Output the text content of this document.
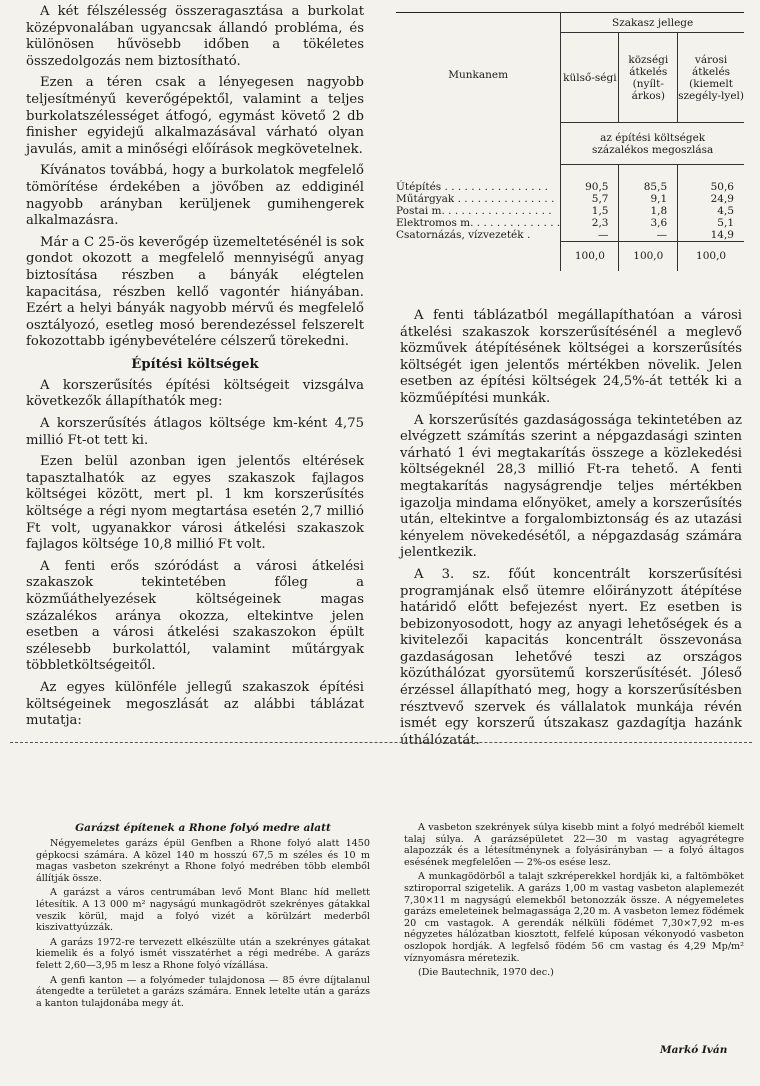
A két félszélesség összeragasztása a burkolat középvonalában ugyancsak állandó probléma, és különösen hűvösebb időben a tökéletes összedolgozás nem biztosítható.

Ezen a téren csak a lényegesen nagyobb teljesítményű keverőgépektől, valamint a teljes burkolatszélességet átfogó, egymást követő 2 db finisher egyidejű alkalmazásával várható olyan javulás, amit a minőségi előírások megkövetelnek.

Kívánatos továbbá, hogy a burkolatok megfelelő tömörítése érdekében a jövőben az eddiginél nagyobb arányban kerüljenek gumihengerek alkalmazásra.

Már a C 25-ös keverőgép üzemeltetésénél is sok gondot okozott a megfelelő mennyiségű anyag biztosítása részben a bányák elégtelen kapacitása, részben kellő vagontér hiányában. Ezért a helyi bányák nagyobb mérvű és megfelelő osztályozó, esetleg mosó berendezéssel felszerelt fokozottabb igénybevételére célszerű törekedni.

Építési költségek

A korszerűsítés építési költségeit vizsgálva következők állapíthatók meg:

A korszerűsítés átlagos költsége km-ként 4,75 millió Ft-ot tett ki.

Ezen belül azonban igen jelentős eltérések tapasztalhatók az egyes szakaszok fajlagos költségei között, mert pl. 1 km korszerűsítés költsége a régi nyom megtartása esetén 2,7 millió Ft volt, ugyanakkor városi átkelési szakaszok fajlagos költsége 10,8 millió Ft volt.

A fenti erős szóródást a városi átkelési szakaszok tekintetében főleg a közműáthelyezések költségeinek magas százalékos aránya okozza, eltekintve jelen esetben a városi átkelési szakaszokon épült szélesebb burkolattól, valamint műtárgyak többletköltségeitől.

Az egyes különféle jellegű szakaszok építési költségeinek megoszlását az alábbi táblázat mutatja:

Munkanem	Szakasz jellege		
	külső-ségi	községi átkelés (nyílt-árkos)	városi átkelés (kiemelt szegély-lyel)
	az építési költségek százalékos megoszlása		

Útépítés . . . . . . . . . . . . . . . .	90,5	85,5	50,6
Műtárgyak . . . . . . . . . . . . . . .	5,7	9,1	24,9
Postai m. . . . . . . . . . . . . . . . .	1,5	1,8	4,5
Elektromos m. . . . . . . . . . . . . .	2,3	3,6	5,1
Csatornázás, vízvezeték .	—	—	14,9
	100,0	100,0	100,0

A fenti táblázatból megállapíthatóan a városi átkelési szakaszok korszerűsítésénél a meglevő közművek átépítésének költségei a korszerűsítés költségét igen jelentős mértékben növelik. Jelen esetben az építési költségek 24,5%-át tették ki a közműépítési munkák.

A korszerűsítés gazdaságossága tekintetében az elvégzett számítás szerint a népgazdasági szinten várható 1 évi megtakarítás összege a közlekedési költségeknél 28,3 millió Ft-ra tehető. A fenti megtakarítás nagyságrendje teljes mértékben igazolja mindama előnyöket, amely a korszerűsítés után, eltekintve a forgalombiztonság és az utazási kényelem növekedésétől, a népgazdaság számára jelentkezik.

A 3. sz. főút koncentrált korszerűsítési programjának első ütemre előirányzott átépítése határidő előtt befejezést nyert. Ez esetben is bebizonyosodott, hogy az anyagi lehetőségek és a kivitelezői kapacitás koncentrált összevonása gazdaságosan lehetővé teszi az országos közúthálózat gyorsütemű korszerűsítését. Jóleső érzéssel állapítható meg, hogy a korszerűsítésben résztvevő szervek és vállalatok munkája révén ismét egy korszerű útszakasz gazdagítja hazánk úthálózatát.

Garázst építenek a Rhone folyó medre alatt

Négyemeletes garázs épül Genfben a Rhone folyó alatt 1450 gépkocsi számára. A közel 140 m hosszú 67,5 m széles és 10 m magas vasbeton szekrényt a Rhone folyó medrében több elemből állítják össze.

A garázst a város centrumában levő Mont Blanc híd mellett létesítik. A 13 000 m² nagyságú munkagödröt szekrényes gátakkal veszik körül, majd a folyó vizét a körülzárt mederből kiszivattyúzzák.

A garázs 1972-re tervezett elkészülte után a szekrényes gátakat kiemelik és a folyó ismét visszatérhet a régi medrébe. A garázs felett 2,60—3,95 m lesz a Rhone folyó vízállása.

A genfi kanton — a folyómeder tulajdonosa — 85 évre díjtalanul átengedte a területet a garázs számára. Ennek letelte után a garázs a kanton tulajdonába megy át.

A vasbeton szekrények súlya kisebb mint a folyó medréből kiemelt talaj súlya. A garázsépületet 22—30 m vastag agyagrétegre alapozzák és a létesítménynek a folyásirányban — a folyó áltagos esésének megfelelően — 2%-os esése lesz.

A munkagödörből a talajt szkréperekkel hordják ki, a faltömböket sztiroporral szigetelik. A garázs 1,00 m vastag vasbeton alaplemezét 7,30×11 m nagyságú elemekből betonozzák össze. A négyemeletes garázs emeleteinek belmagassága 2,20 m. A vasbeton lemez födémek 20 cm vastagok. A gerendák nélküli födémet 7,30×7,92 m-es négyzetes hálózatban kiosztott, felfelé kúposan vékonyodó vasbeton oszlopok hordják. A legfelső födém 56 cm vastag és 4,29 Mp/m² víznyomásra méretezik.

(Die Bautechnik, 1970 dec.)

Markó Iván
